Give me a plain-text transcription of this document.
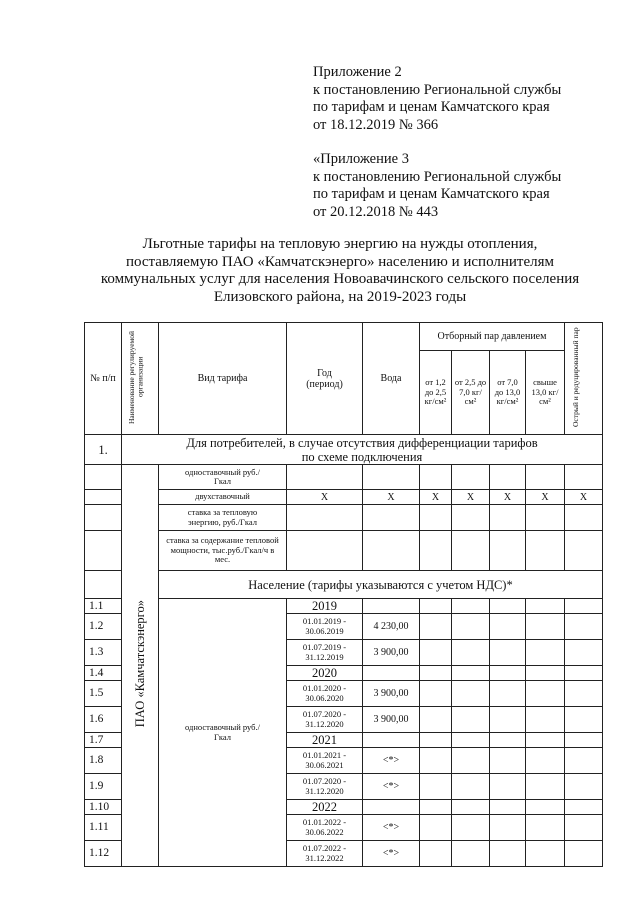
Приложение 2
к постановлению Региональной службы
по тарифам и ценам Камчатского края
от 18.12.2019 № 366
«Приложение 3
к постановлению Региональной службы
по тарифам и ценам Камчатского края
от 20.12.2018 № 443
Льготные тарифы на тепловую энергию на нужды отопления,
поставляемую ПАО «Камчатскэнерго» населению и исполнителям
коммунальных услуг для населения Новоавачинского сельского поселения
Елизовского района, на 2019-2023 годы
№ п/п	Наименование регулируемой организации	Вид тарифа	Год (период)	Вода	Отборный пар давлением				Острый и редуцированный пар
					от 1,2 до 2,5 кг/см²	от 2,5 до 7,0 кг/см²	от 7,0 до 13,0 кг/см²	свыше 13,0 кг/см²	
1.	Для потребителей, в случае отсутствия дифференциации тарифов
по схеме подключения								

	ПАО «Камчатскэнерго»	одноставочный руб./Гкал							
		двухставочный	X	X	X	X	X	X	X
		ставка за тепловую энергию, руб./Гкал							
		ставка за содержание тепловой мощности, тыс.руб./Гкал/ч в мес.							
		Население (тарифы указываются с учетом НДС)*							
1.1		одноставочный руб./Гкал	2019						
1.2			01.01.2019 - 30.06.2019	4 230,00					
1.3			01.07.2019 - 31.12.2019	3 900,00					
1.4			2020						
1.5			01.01.2020 - 30.06.2020	3 900,00					
1.6			01.07.2020 - 31.12.2020	3 900,00					
1.7			2021						
1.8			01.01.2021 - 30.06.2021	<*>					
1.9			01.07.2020 - 31.12.2020	<*>					
1.10			2022						
1.11			01.01.2022 - 30.06.2022	<*>					
1.12			01.07.2022 - 31.12.2022	<*>					
